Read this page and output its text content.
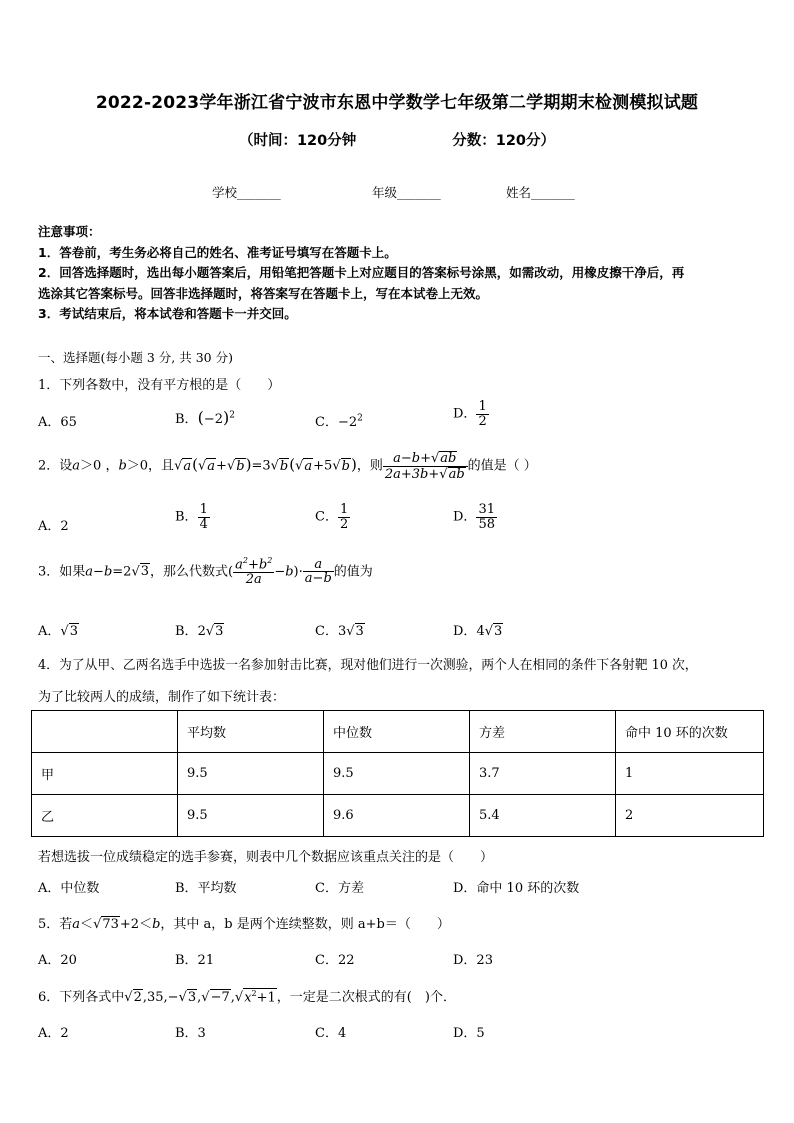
2022-2023学年浙江省宁波市东恩中学数学七年级第二学期期末检测模拟试题
（时间：120分钟	分数：120分）
学校_______	年级_______	姓名_______
注意事项：
1．答卷前，考生务必将自己的姓名、准考证号填写在答题卡上。
2．回答选择题时，选出每小题答案后，用铅笔把答题卡上对应题目的答案标号涂黑，如需改动，用橡皮擦干净后，再
选涂其它答案标号。回答非选择题时，将答案写在答题卡上，写在本试卷上无效。
3．考试结束后，将本试卷和答题卡一并交回。
一、选择题(每小题 3 分, 共 30 分)
1．下列各数中，没有平方根的是（　　）
A．65	B．$(-2)^2$	C．$-2^2$	D． $\frac{1}{2}$
2．设a＞0 ，b＞0，且√a(√a+√b)=3√b(√a+5√b)，则 $\frac{a-b+√ab}{2a+3b+√ab}$ 的值是（ ）
A．2
B． $\frac{1}{4}$	C． $\frac{1}{2}$	D． $\frac{31}{58}$
3．如果a−b=2√3，那么代数式( $\frac{a^2+b^2}{2a} -b)\cdot \frac{a}{a-b}$ 的值为
A．√3	B．2√3	C．3√3	D．4√3
4．为了从甲、乙两名选手中选拔一名参加射击比赛，现对他们进行一次测验，两个人在相同的条件下各射靶 10 次，
为了比较两人的成绩，制作了如下统计表：
	平均数	中位数	方差	命中 10 环的次数
甲	9.5	9.5	3.7	1
乙	9.5	9.6	5.4	2
若想选拔一位成绩稳定的选手参赛，则表中几个数据应该重点关注的是（　　）
A．中位数	B．平均数	C．方差	D．命中 10 环的次数
5．若a＜√73+2＜b，其中 a，b 是两个连续整数，则 a+b＝（　　）
A．20	B．21	C．22	D．23
6．下列各式中$√2,35,-√3,√-7,√x^2+1$，一定是二次根式的有(　)个．
A．2	B．3	C．4	D．5
